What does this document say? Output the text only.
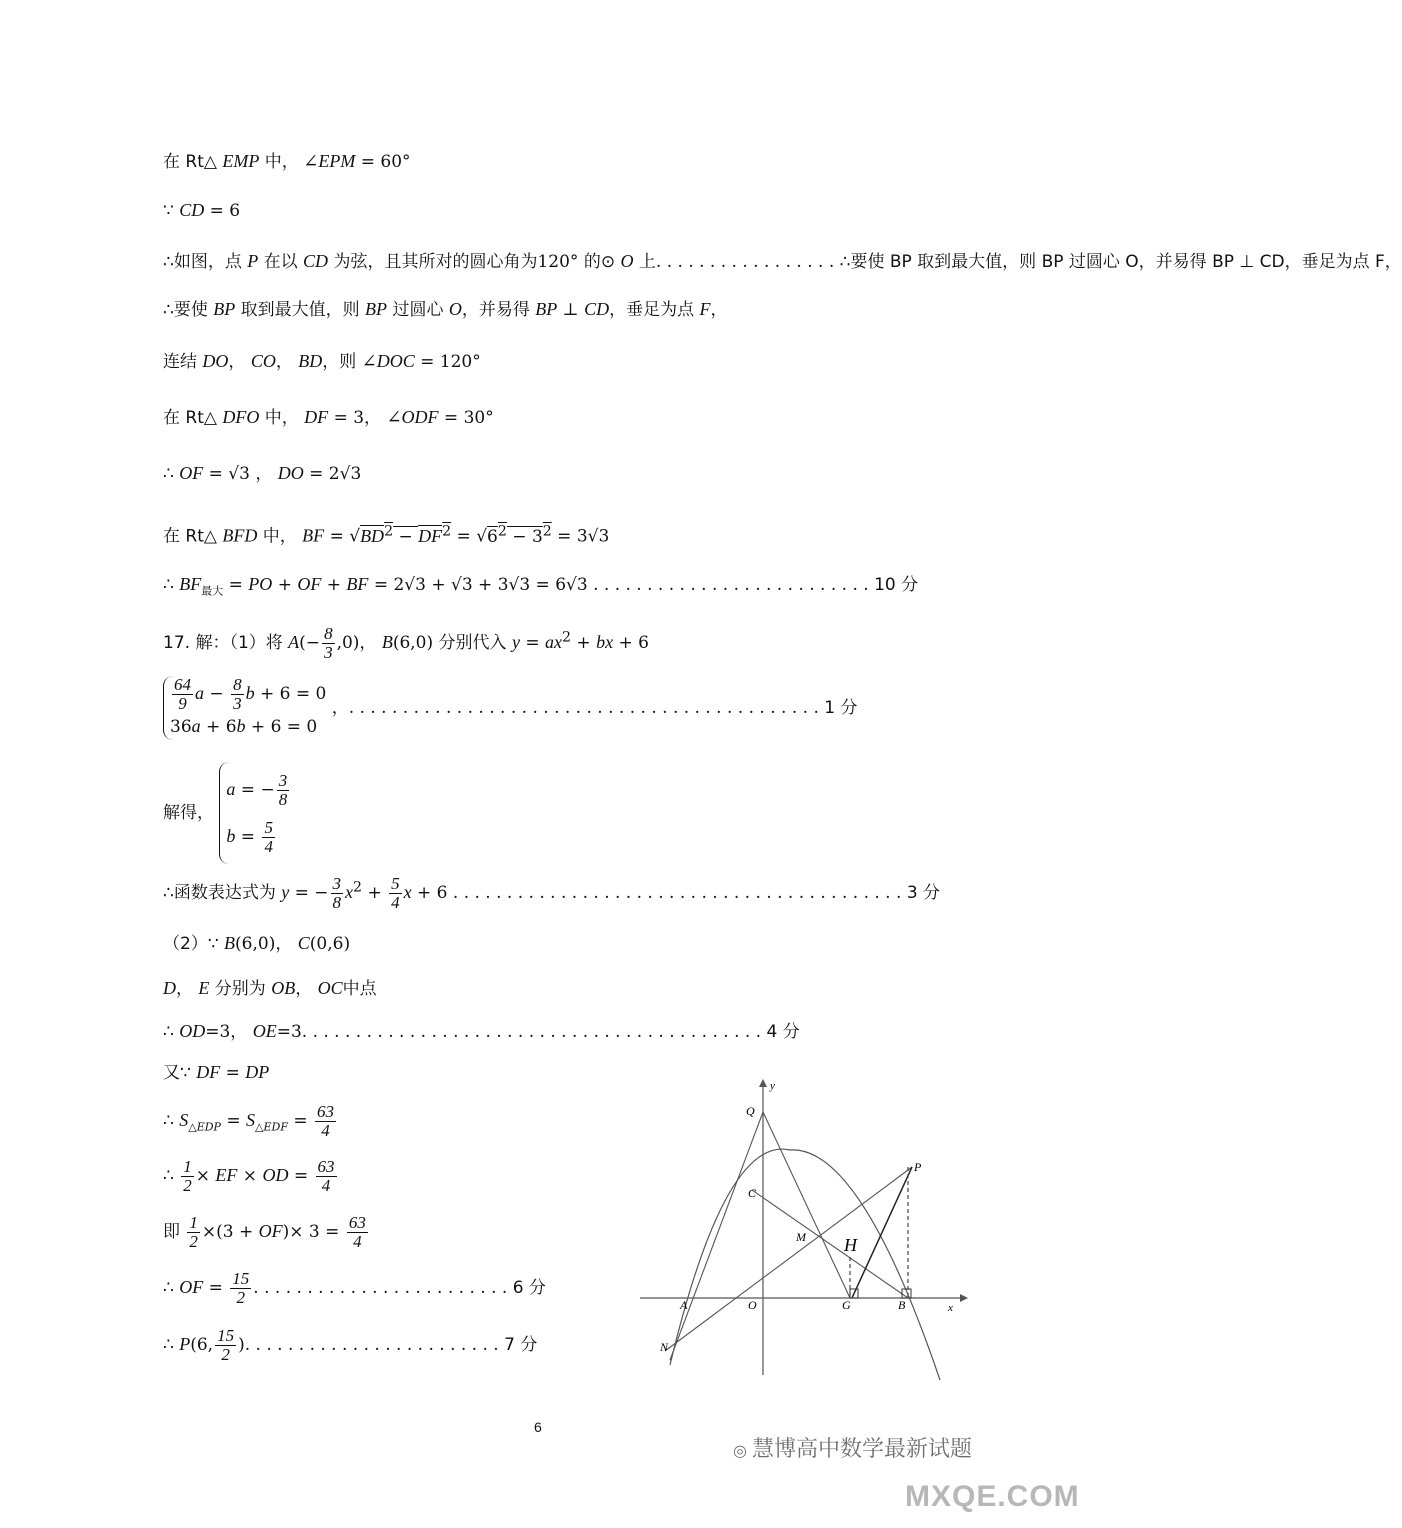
在 Rt△ EMP 中， ∠EPM = 60°
∵ CD = 6
∴如图，点 P 在以 CD 为弦，且其所对的圆心角为120° 的⊙ O 上. . . . . . . . . . . . . . . . . ∴要使 BP 取到最大值，则 BP 过圆心 O，并易得 BP ⊥ CD，垂足为点 F，
∴要使 BP 取到最大值，则 BP 过圆心 O，并易得 BP ⊥ CD，垂足为点 F，
连结 DO， CO， BD，则 ∠DOC = 120°
在 Rt△ DFO 中， DF = 3， ∠ODF = 30°
∴ OF = √3 ， DO = 2√3
在 Rt△ BFD 中， BF = $√BD^2 - DF^2 = √6^2 - 3^2 = 3√3$
∴ $BF_{最大}$ = PO + OF + BF = 2√3 + √3 + 3√3 = 6√3 . . . . . . . . . . . . . . . . . . . . . . . . . . 10 分
17. 解：（1）将 $A(- \frac{8}{3} ,0)$， B(6,0) 分别代入 $y = ax^2$ + bx + 6
$\frac{64}{9}$ $a - \frac{8}{3}$ b + 6 = 0
36a + 6b + 6 = 0
，. . . . . . . . . . . . . . . . . . . . . . . . . . . . . . . . . . . . . . . . . . . . 1 分
解得，
a = − $\frac{3}{8}$
$b = \frac{5}{4}$
∴函数表达式为 y = − $\frac{3}{8} x^2 + \frac{5}{4}$ x + 6 . . . . . . . . . . . . . . . . . . . . . . . . . . . . . . . . . . . . . . . . . . 3 分
（2）∵ B(6,0)， C(0,6)
D， E 分别为 OB， OC中点
∴ OD=3， OE=3. . . . . . . . . . . . . . . . . . . . . . . . . . . . . . . . . . . . . . . . . . . 4 分
又∵ DF = DP
∴ $S_{\triangle EDP} = S_{\triangle EDF} = \frac{63}{4}$
∴ $\frac{1}{2}$ × EF × OD = $\frac{63}{4}$
即 $\frac{1}{2} \times(3 + OF)\times 3 = \frac{63}{4}$
∴ OF = $\frac{15}{2}$ . . . . . . . . . . . . . . . . . . . . . . . . 6 分
∴ P(6, $\frac{15}{2}$ ). . . . . . . . . . . . . . . . . . . . . . . . 7 分
y
x
Q
C
P
M H
A	O	G	B
N
6
◎ 慧博高中数学最新试题
MXQE.COM
